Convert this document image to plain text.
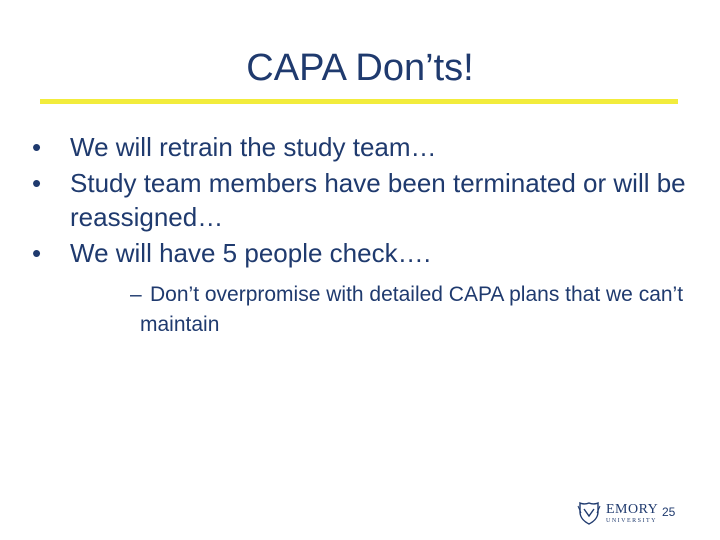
CAPA Don’ts!
•	We will retrain the study team…
•	Study team members have been terminated or will be reassigned…
•	We will have 5 people check….
– Don’t overpromise with detailed CAPA plans that we can’t maintain
EMORY
UNIVERSITY
25
